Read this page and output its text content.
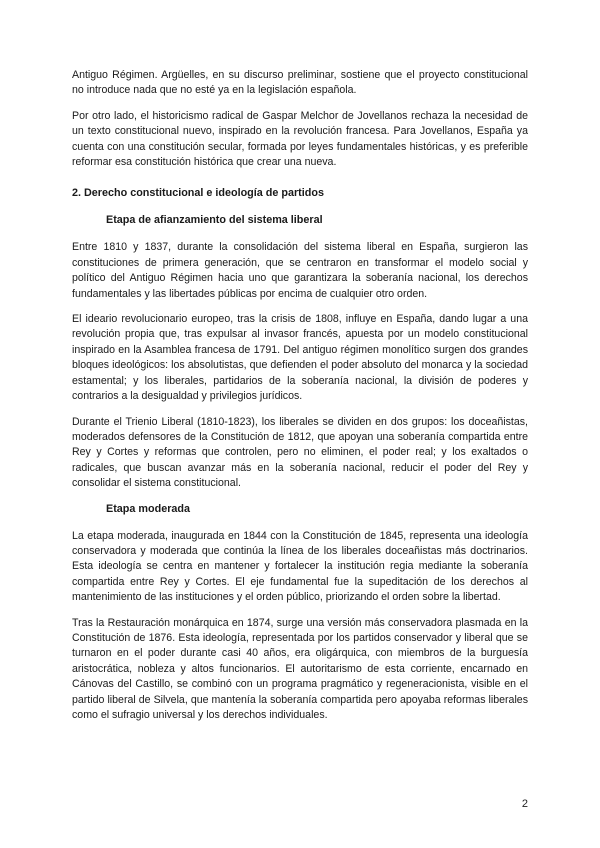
Antiguo Régimen. Argüelles, en su discurso preliminar, sostiene que el proyecto constitucional no introduce nada que no esté ya en la legislación española.

Por otro lado, el historicismo radical de Gaspar Melchor de Jovellanos rechaza la necesidad de un texto constitucional nuevo, inspirado en la revolución francesa. Para Jovellanos, España ya cuenta con una constitución secular, formada por leyes fundamentales históricas, y es preferible reformar esa constitución histórica que crear una nueva.

2. Derecho constitucional e ideología de partidos
Etapa de afianzamiento del sistema liberal

Entre 1810 y 1837, durante la consolidación del sistema liberal en España, surgieron las constituciones de primera generación, que se centraron en transformar el modelo social y político del Antiguo Régimen hacia uno que garantizara la soberanía nacional, los derechos fundamentales y las libertades públicas por encima de cualquier otro orden.

El ideario revolucionario europeo, tras la crisis de 1808, influye en España, dando lugar a una revolución propia que, tras expulsar al invasor francés, apuesta por un modelo constitucional inspirado en la Asamblea francesa de 1791. Del antiguo régimen monolítico surgen dos grandes bloques ideológicos: los absolutistas, que defienden el poder absoluto del monarca y la sociedad estamental; y los liberales, partidarios de la soberanía nacional, la división de poderes y contrarios a la desigualdad y privilegios jurídicos.

Durante el Trienio Liberal (1810-1823), los liberales se dividen en dos grupos: los doceañistas, moderados defensores de la Constitución de 1812, que apoyan una soberanía compartida entre Rey y Cortes y reformas que controlen, pero no eliminen, el poder real; y los exaltados o radicales, que buscan avanzar más en la soberanía nacional, reducir el poder del Rey y consolidar el sistema constitucional.

Etapa moderada

La etapa moderada, inaugurada en 1844 con la Constitución de 1845, representa una ideología conservadora y moderada que continúa la línea de los liberales doceañistas más doctrinarios. Esta ideología se centra en mantener y fortalecer la institución regia mediante la soberanía compartida entre Rey y Cortes. El eje fundamental fue la supeditación de los derechos al mantenimiento de las instituciones y el orden público, priorizando el orden sobre la libertad.

Tras la Restauración monárquica en 1874, surge una versión más conservadora plasmada en la Constitución de 1876. Esta ideología, representada por los partidos conservador y liberal que se turnaron en el poder durante casi 40 años, era oligárquica, con miembros de la burguesía aristocrática, nobleza y altos funcionarios. El autoritarismo de esta corriente, encarnado en Cánovas del Castillo, se combinó con un programa pragmático y regeneracionista, visible en el partido liberal de Silvela, que mantenía la soberanía compartida pero apoyaba reformas liberales como el sufragio universal y los derechos individuales.

2
